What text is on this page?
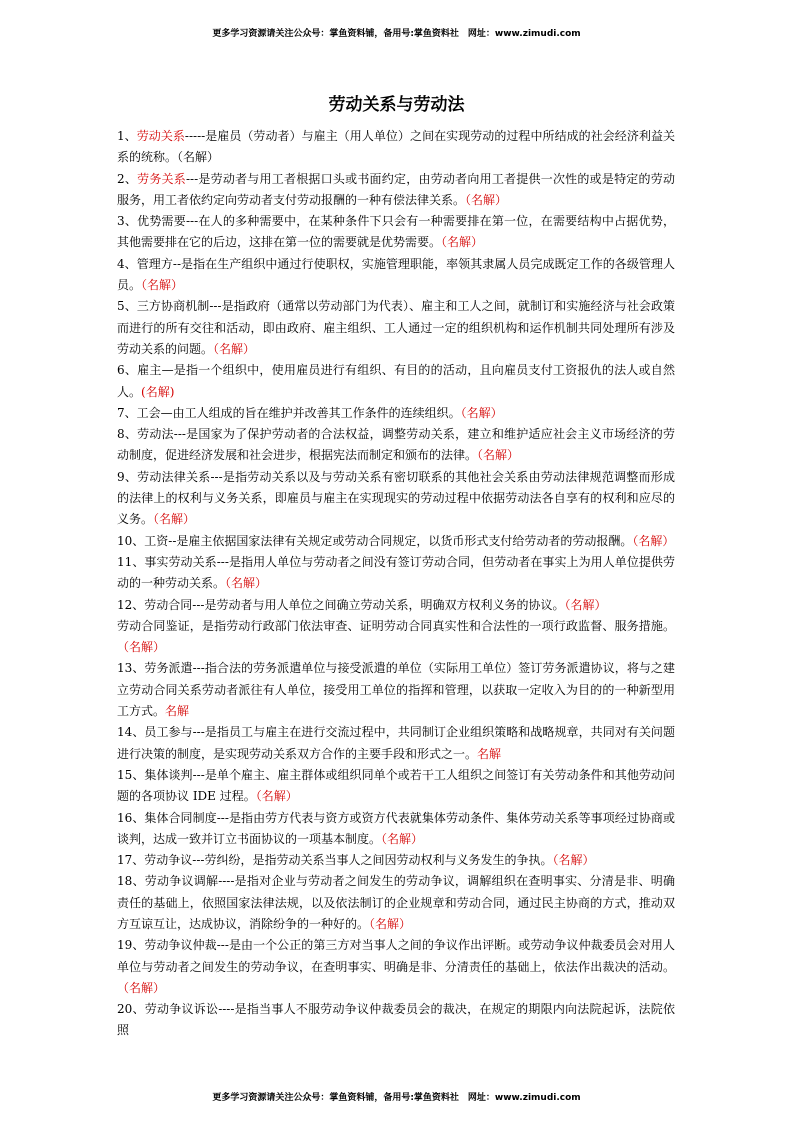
更多学习资源请关注公众号：掌鱼资料铺，备用号:掌鱼资料社　网址：www.zimudi.com
劳动关系与劳动法

1、劳动关系-----是雇员（劳动者）与雇主（用人单位）之间在实现劳动的过程中所结成的社会经济利益关系的统称。（名解）

2、劳务关系---是劳动者与用工者根据口头或书面约定，由劳动者向用工者提供一次性的或是特定的劳动服务，用工者依约定向劳动者支付劳动报酬的一种有偿法律关系。（名解）

3、优势需要---在人的多种需要中，在某种条件下只会有一种需要排在第一位，在需要结构中占据优势，其他需要排在它的后边，这排在第一位的需要就是优势需要。（名解）

4、管理方--是指在生产组织中通过行使职权，实施管理职能，率领其隶属人员完成既定工作的各级管理人员。（名解）

5、三方协商机制---是指政府（通常以劳动部门为代表）、雇主和工人之间，就制订和实施经济与社会政策而进行的所有交往和活动，即由政府、雇主组织、工人通过一定的组织机构和运作机制共同处理所有涉及劳动关系的问题。（名解）

6、雇主—是指一个组织中，使用雇员进行有组织、有目的的活动，且向雇员支付工资报仇的法人或自然人。(名解)

7、工会—由工人组成的旨在维护并改善其工作条件的连续组织。（名解）

8、劳动法---是国家为了保护劳动者的合法权益，调整劳动关系，建立和维护适应社会主义市场经济的劳动制度，促进经济发展和社会进步，根据宪法而制定和颁布的法律。（名解）

9、劳动法律关系---是指劳动关系以及与劳动关系有密切联系的其他社会关系由劳动法律规范调整而形成的法律上的权利与义务关系，即雇员与雇主在实现现实的劳动过程中依据劳动法各自享有的权利和应尽的义务。（名解）

10、工资--是雇主依据国家法律有关规定或劳动合同规定，以货币形式支付给劳动者的劳动报酬。（名解）

11、事实劳动关系---是指用人单位与劳动者之间没有签订劳动合同，但劳动者在事实上为用人单位提供劳动的一种劳动关系。（名解）

12、劳动合同---是劳动者与用人单位之间确立劳动关系，明确双方权利义务的协议。（名解）

劳动合同鉴证，是指劳动行政部门依法审查、证明劳动合同真实性和合法性的一项行政监督、服务措施。（名解）

13、劳务派遣---指合法的劳务派遣单位与接受派遣的单位（实际用工单位）签订劳务派遣协议，将与之建立劳动合同关系劳动者派往有人单位，接受用工单位的指挥和管理，以获取一定收入为目的的一种新型用工方式。名解

14、员工参与---是指员工与雇主在进行交流过程中，共同制订企业组织策略和战略规章，共同对有关问题进行决策的制度，是实现劳动关系双方合作的主要手段和形式之一。名解

15、集体谈判---是单个雇主、雇主群体或组织同单个或若干工人组织之间签订有关劳动条件和其他劳动问题的各项协议 IDE 过程。（名解）

16、集体合同制度---是指由劳方代表与资方或资方代表就集体劳动条件、集体劳动关系等事项经过协商或谈判，达成一致并订立书面协议的一项基本制度。（名解）

17、劳动争议---劳纠纷，是指劳动关系当事人之间因劳动权利与义务发生的争执。（名解）

18、劳动争议调解----是指对企业与劳动者之间发生的劳动争议，调解组织在查明事实、分清是非、明确责任的基础上，依照国家法律法规，以及依法制订的企业规章和劳动合同，通过民主协商的方式，推动双方互谅互让，达成协议，消除纷争的一种好的。（名解）

19、劳动争议仲裁---是由一个公正的第三方对当事人之间的争议作出评断。或劳动争议仲裁委员会对用人单位与劳动者之间发生的劳动争议，在查明事实、明确是非、分清责任的基础上，依法作出裁决的活动。（名解）

20、劳动争议诉讼----是指当事人不服劳动争议仲裁委员会的裁决，在规定的期限内向法院起诉，法院依照

更多学习资源请关注公众号：掌鱼资料铺，备用号:掌鱼资料社　网址：www.zimudi.com
